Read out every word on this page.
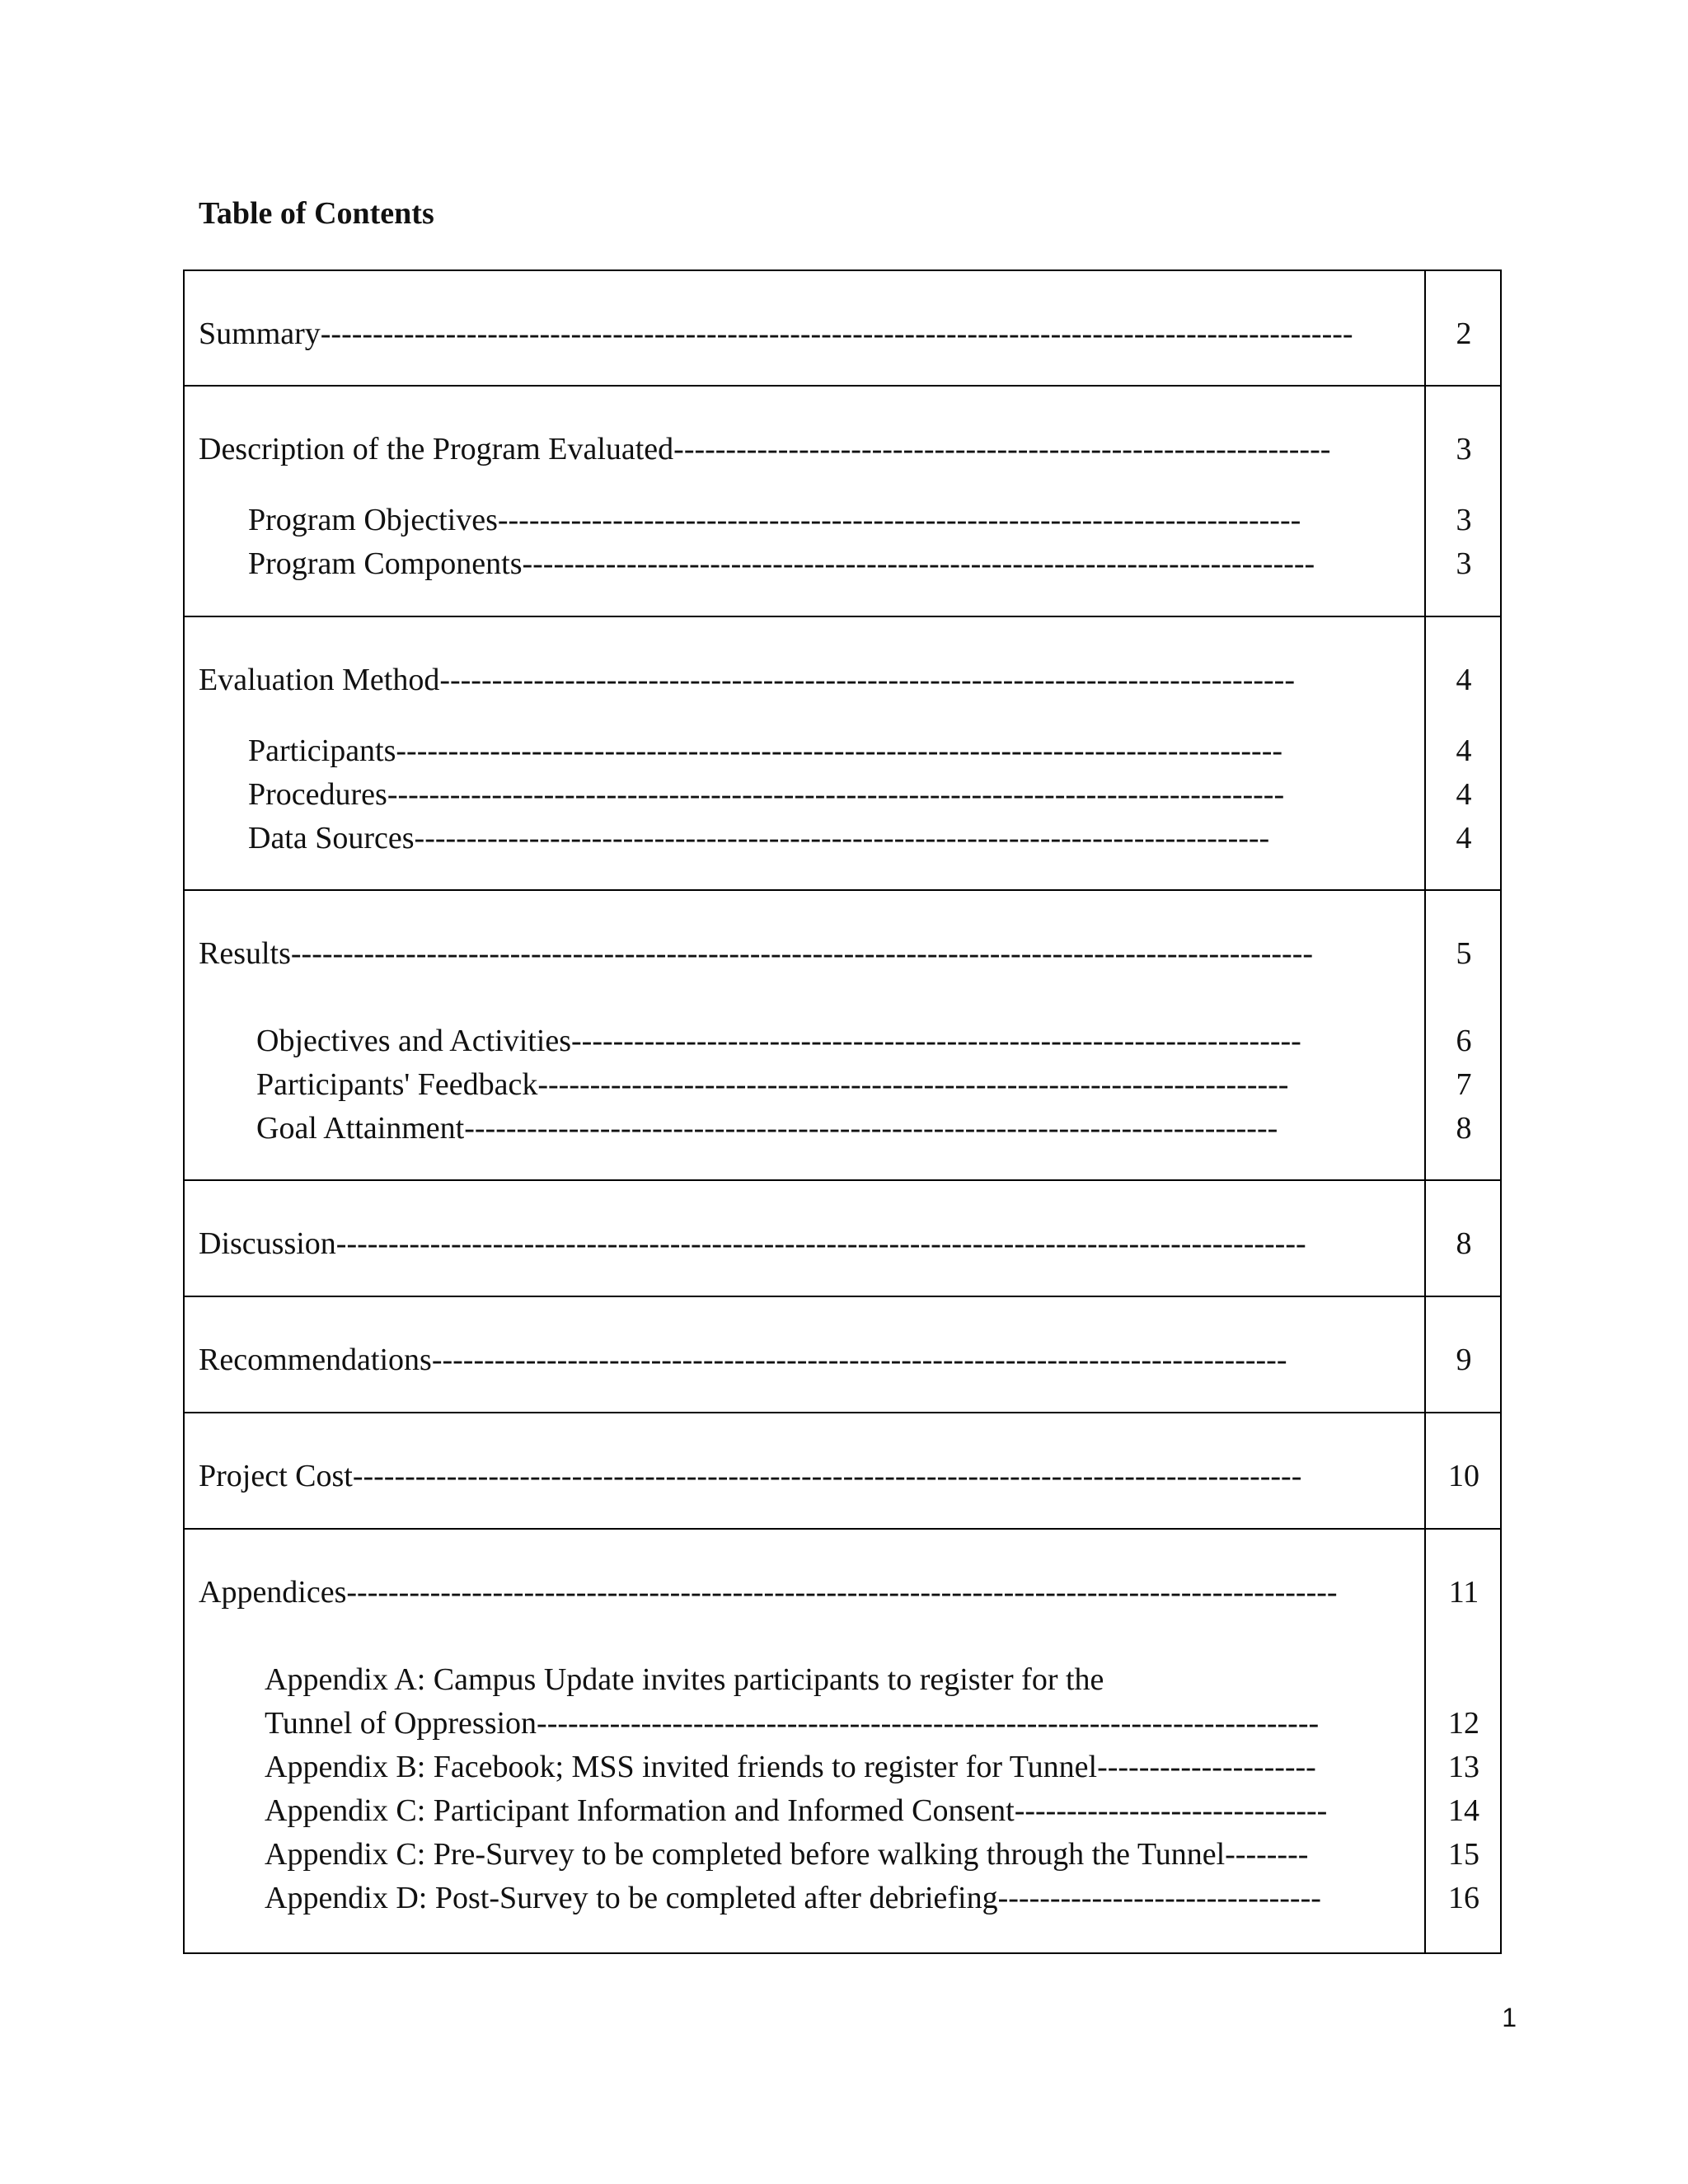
Table of Contents
Summary---------------------------------------------------------------------------------------------------	2
Description of the Program Evaluated---------------------------------------------------------------	3
Program Objectives-----------------------------------------------------------------------------	3
Program Components----------------------------------------------------------------------------	3
Evaluation Method----------------------------------------------------------------------------------	4
Participants-------------------------------------------------------------------------------------	4
Procedures--------------------------------------------------------------------------------------	4
Data Sources----------------------------------------------------------------------------------	4
Results--------------------------------------------------------------------------------------------------	5
Objectives and Activities----------------------------------------------------------------------	6
Participants' Feedback------------------------------------------------------------------------	7
Goal Attainment------------------------------------------------------------------------------	8
Discussion---------------------------------------------------------------------------------------------	8
Recommendations----------------------------------------------------------------------------------	9
Project Cost-------------------------------------------------------------------------------------------	10
Appendices-----------------------------------------------------------------------------------------------	11
Appendix A: Campus Update invites participants to register for the
Tunnel of Oppression---------------------------------------------------------------------------	12
Appendix B: Facebook; MSS invited friends to register for Tunnel---------------------	13
Appendix C: Participant Information and Informed Consent------------------------------	14
Appendix C: Pre-Survey to be completed before walking through the Tunnel--------	15
Appendix D: Post-Survey to be completed after debriefing-------------------------------	16
1
